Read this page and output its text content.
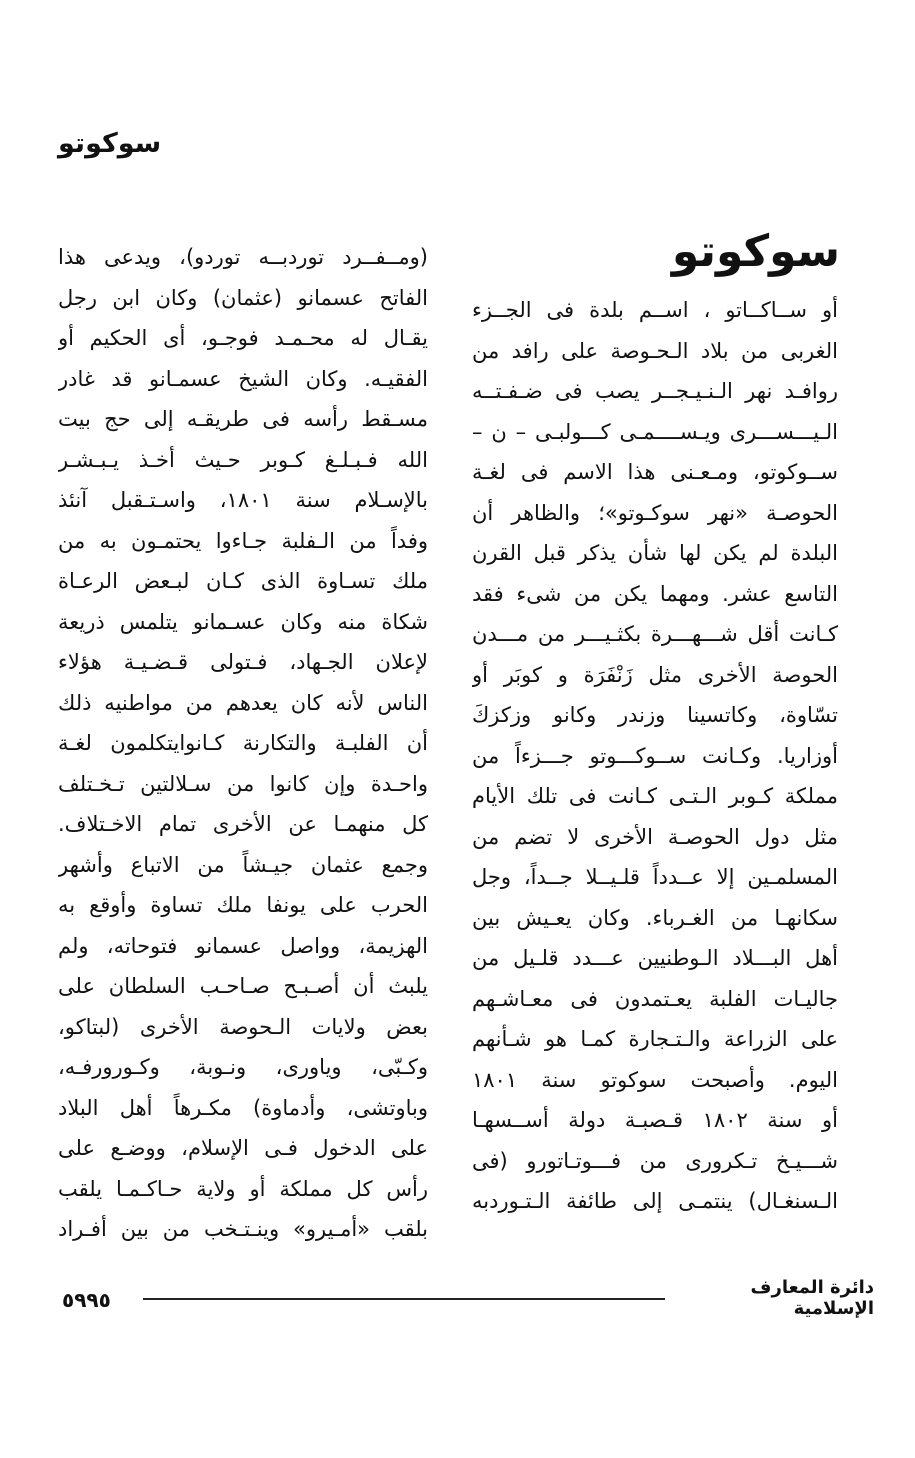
سوكوتو
سوكوتو
أو ســاكــاتو ، اســم بلدة فى الجــزء
الغربى من بلاد الـحـوصة على رافد من
روافـد نهر الـنـيـجــر يصب فى ضـفـتــه
الـيـــســـرى ويـســــمـى كـــولبـى – ن –
ســوكوتو، ومـعـنى هذا الاسم فى لغـة
الحوصـة «نهر سوكـوتو»؛ والظاهر أن
البلدة لم يكن لها شأن يذكر قبل القرن
التاسع عشر. ومهما يكن من شىء فقد
كـانت أقل شـــهـــرة بكثـيـــر من مـــدن
الحوصة الأخرى مثل زَنْفَرَة و كوبَر أو
تسّاوة، وكاتسينا وزندر وكانو وزكزكَ
أوزاريا. وكـانت ســوكـــوتو جـــزءاً من
مملكة كـوبر الـتـى كـانت فى تلك الأيام
مثل دول الحوصـة الأخرى لا تضم من
المسلمـين إلا عــدداً قلـيــلا جــداً، وجل
سكانهـا من الغـرباء. وكان يعـيش بين
أهل البـــلاد الـوطنيين عـــدد قلـيل من
جاليـات الفلبة يعـتمدون فى معـاشـهم
على الزراعة والـتـجارة كمـا هو شـأنهم
اليوم. وأصبحت سوكوتو سنة ١٨٠١
أو سنة ١٨٠٢ قـصبـة دولة أســسهـا
شـــيـخ تـكرورى من فـــوتـاتورو (فى
الـسنغـال) ينتمـى إلى طائفة الـتـوردبه
(ومــفــرد توردبــه توردو)، ويدعى هذا
الفاتح عسمانو (عثمان) وكان ابن رجل
يقـال له محـمـد فوجـو، أى الحكيم أو
الفقيـه. وكان الشيخ عسمـانو قد غادر
مسـقط رأسه فى طريقـه إلى حج بيت
الله فـبـلـغ كـوبر حـيث أخـذ يـبـشـر
بالإسـلام سنة ١٨٠١، واسـتـقبل آنئذ
وفداً من الـفلبة جـاءوا يحتمـون به من
ملك تسـاوة الذى كـان لبـعض الرعـاة
شكاة منه وكان عسـمانو يتلمس ذريعة
لإعلان الجـهاد، فـتولى قـضـيـة هؤلاء
الناس لأنه كان يعدهم من مواطنيه ذلك
أن الفلبـة والتكارنة كـانوايتكلمون لغـة
واحـدة وإن كانوا من سـلالتين تـخـتلف
كل منهمـا عن الأخرى تمام الاخـتلاف.
وجمع عثمان جيـشاً من الاتباع وأشهر
الحرب على يونفا ملك تساوة وأوقع به
الهزيمة، وواصل عسمانو فتوحاته، ولم
يلبث أن أصـبـح صـاحـب السلطان على
بعض ولايات الـحوصة الأخرى (لبتاكو،
وكـبّى، وياورى، ونـوبة، وكـورورفـه،
وباوتشى، وأدماوة) مكـرهاً أهل البلاد
على الدخول فـى الإسلام، ووضـع على
رأس كل مملكة أو ولاية حـاكـمـا يلقب
بلقب «أمـيرو» وينـتـخب من بين أفـراد
دائرة المعارف الإسلامية
٥٩٩٥
